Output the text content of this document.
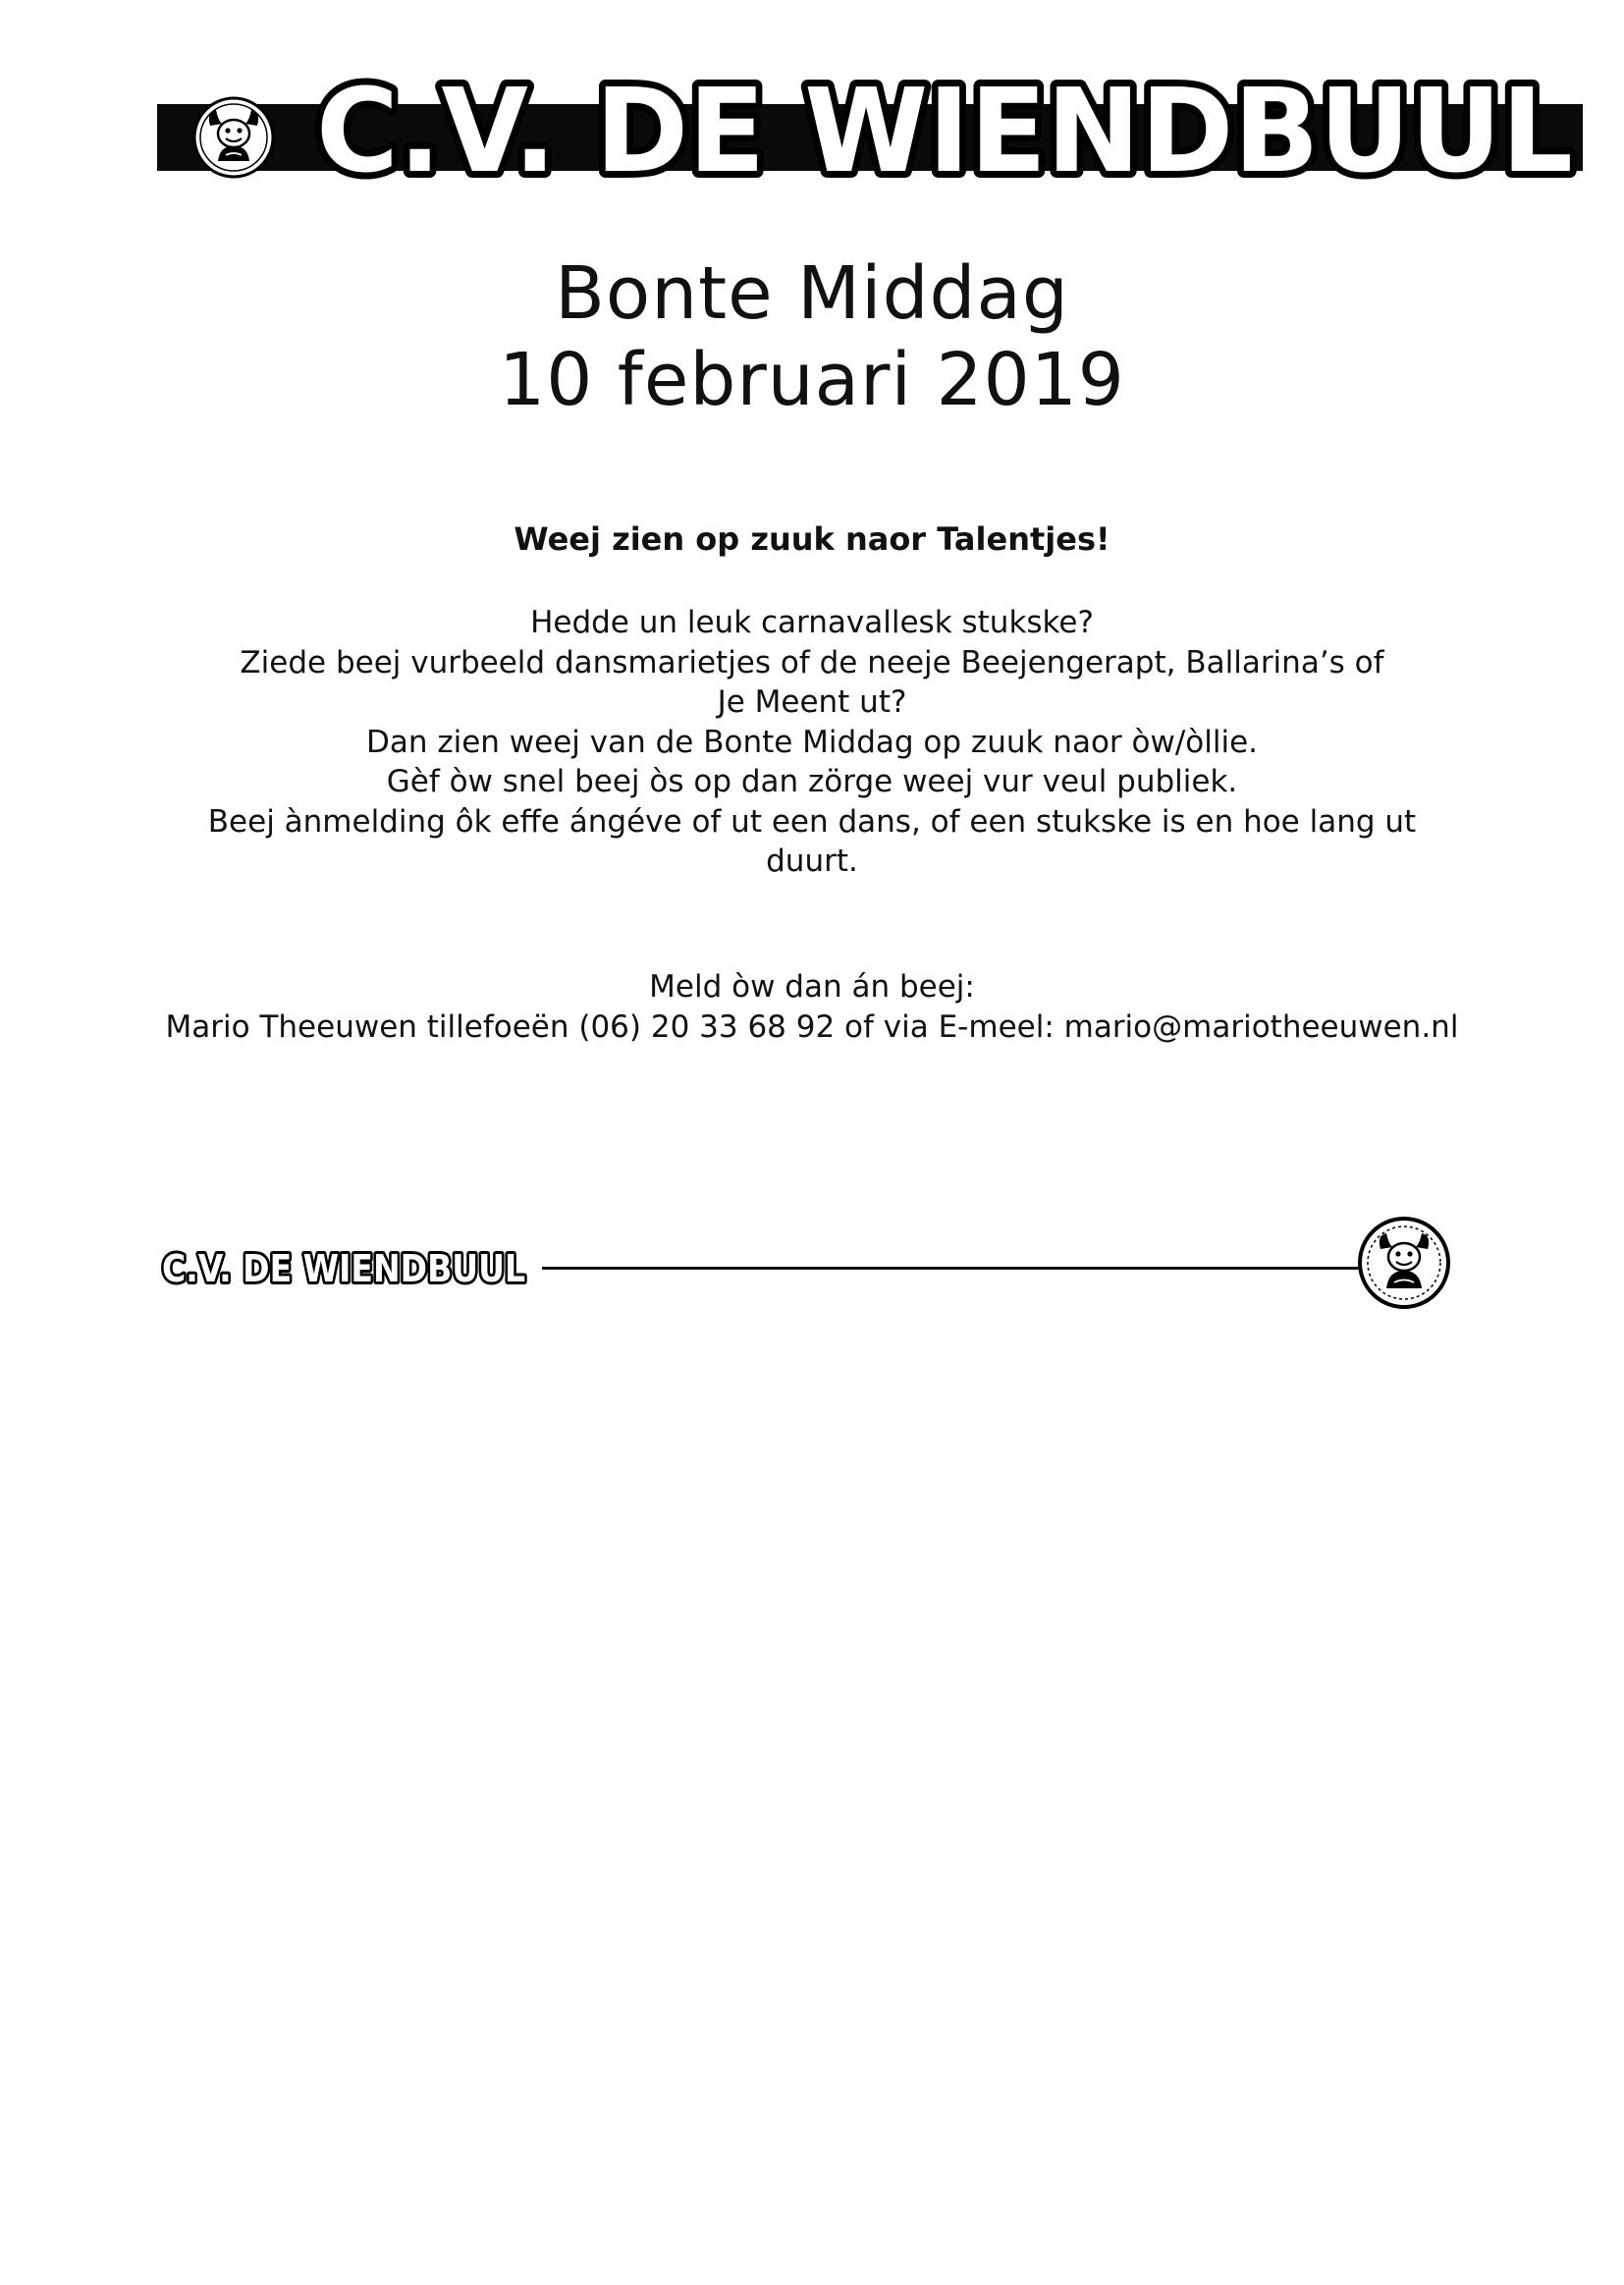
C.V. DE WIENDBUUL
Bonte Middag
10 februari 2019

Weej zien op zuuk naor Talentjes!

Hedde un leuk carnavallesk stukske?
Ziede beej vurbeeld dansmarietjes of de neeje Beejengerapt, Ballarina’s of
Je Meent ut?
Dan zien weej van de Bonte Middag op zuuk naor òw/òllie.
Gèf òw snel beej òs op dan zörge weej vur veul publiek.
Beej ànmelding ôk effe ángéve of ut een dans, of een stukske is en hoe lang ut
duurt.

Meld òw dan án beej:
Mario Theeuwen tillefoeën (06) 20 33 68 92 of via E-meel: mario@mariotheeuwen.nl

C.V. DE WIENDBUUL
